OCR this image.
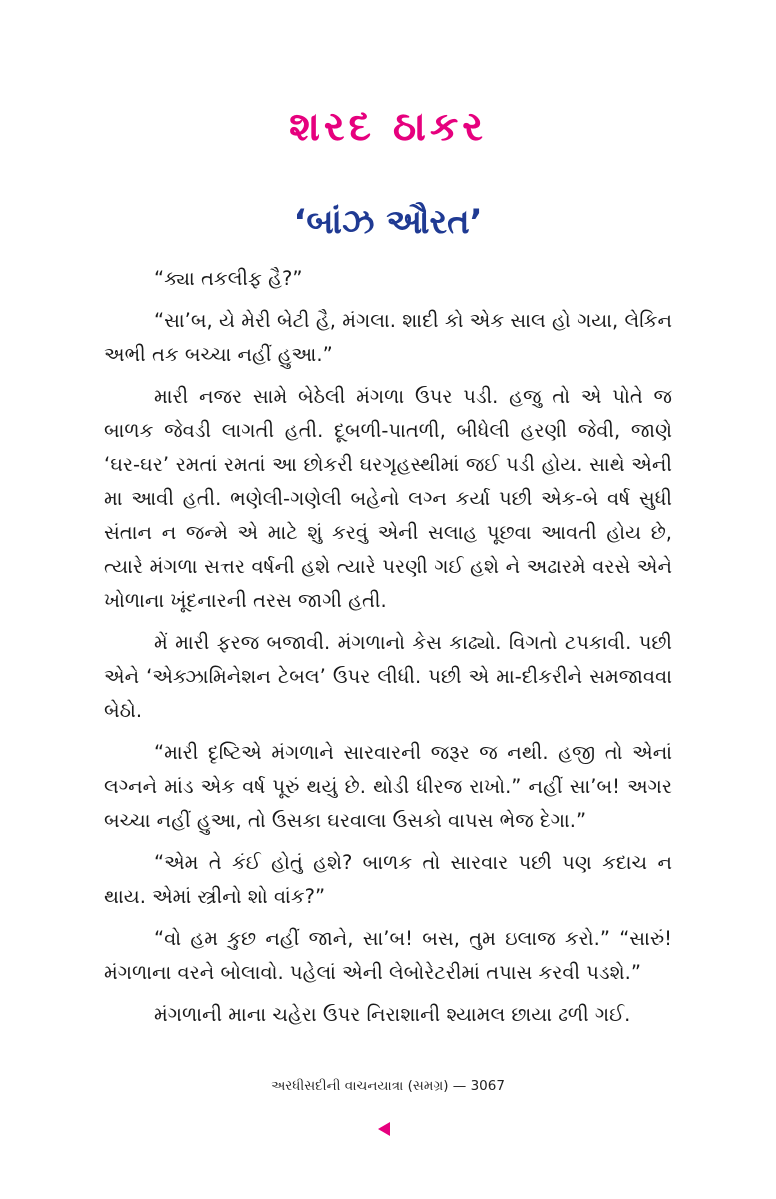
શરદ ઠાકર
‘બાંઝ ઔરત’

“ક્યા તકલીફ હૈ?”

“સા’બ, યે મેરી બેટી હૈ, મંગલા. શાદી કો એક સાલ હો ગયા, લેકિન અભી તક બચ્ચા નહીં હુઆ.”

મારી નજર સામે બેઠેલી મંગળા ઉપર પડી. હજુ તો એ પોતે જ બાળક જેવડી લાગતી હતી. દૂબળી-પાતળી, બીધેલી હરણી જેવી, જાણે ‘ઘર-ઘર’ રમતાં રમતાં આ છોકરી ઘરગૃહસ્થીમાં જઈ પડી હોય. સાથે એની મા આવી હતી. ભણેલી-ગણેલી બહેનો લગ્ન કર્યા પછી એક-બે વર્ષ સુધી સંતાન ન જન્મે એ માટે શું કરવું એની સલાહ પૂછવા આવતી હોય છે, ત્યારે મંગળા સત્તર વર્ષની હશે ત્યારે પરણી ગઈ હશે ને અઢારમે વરસે એને ખોળાના ખૂંદનારની તરસ જાગી હતી.

મેં મારી ફરજ બજાવી. મંગળાનો કેસ કાઢ્યો. વિગતો ટપકાવી. પછી એને ‘એક્ઝામિનેશન ટેબલ’ ઉપર લીધી. પછી એ મા-દીકરીને સમજાવવા બેઠો.

“મારી દૃષ્ટિએ મંગળાને સારવારની જરૂર જ નથી. હજી તો એનાં લગ્નને માંડ એક વર્ષ પૂરું થયું છે. થોડી ધીરજ રાખો.” નહીં સા’બ! અગર બચ્ચા નહીં હુઆ, તો ઉસકા ઘરવાલા ઉસકો વાપસ ભેજ દેગા.”

“એમ તે કંઈ હોતું હશે? બાળક તો સારવાર પછી પણ કદાચ ન થાય. એમાં સ્ત્રીનો શો વાંક?”

“વો હમ કુછ નહીં જાને, સા’બ! બસ, તુમ ઇલાજ કરો.” “સારું! મંગળાના વરને બોલાવો. પહેલાં એની લેબોરેટરીમાં તપાસ કરવી પડશે.”

મંગળાની માના ચહેરા ઉપર નિરાશાની શ્યામલ છાયા ઢળી ગઈ.

અરધીસદીની વાચનયાત્રા (સમગ્ર) — 3067
